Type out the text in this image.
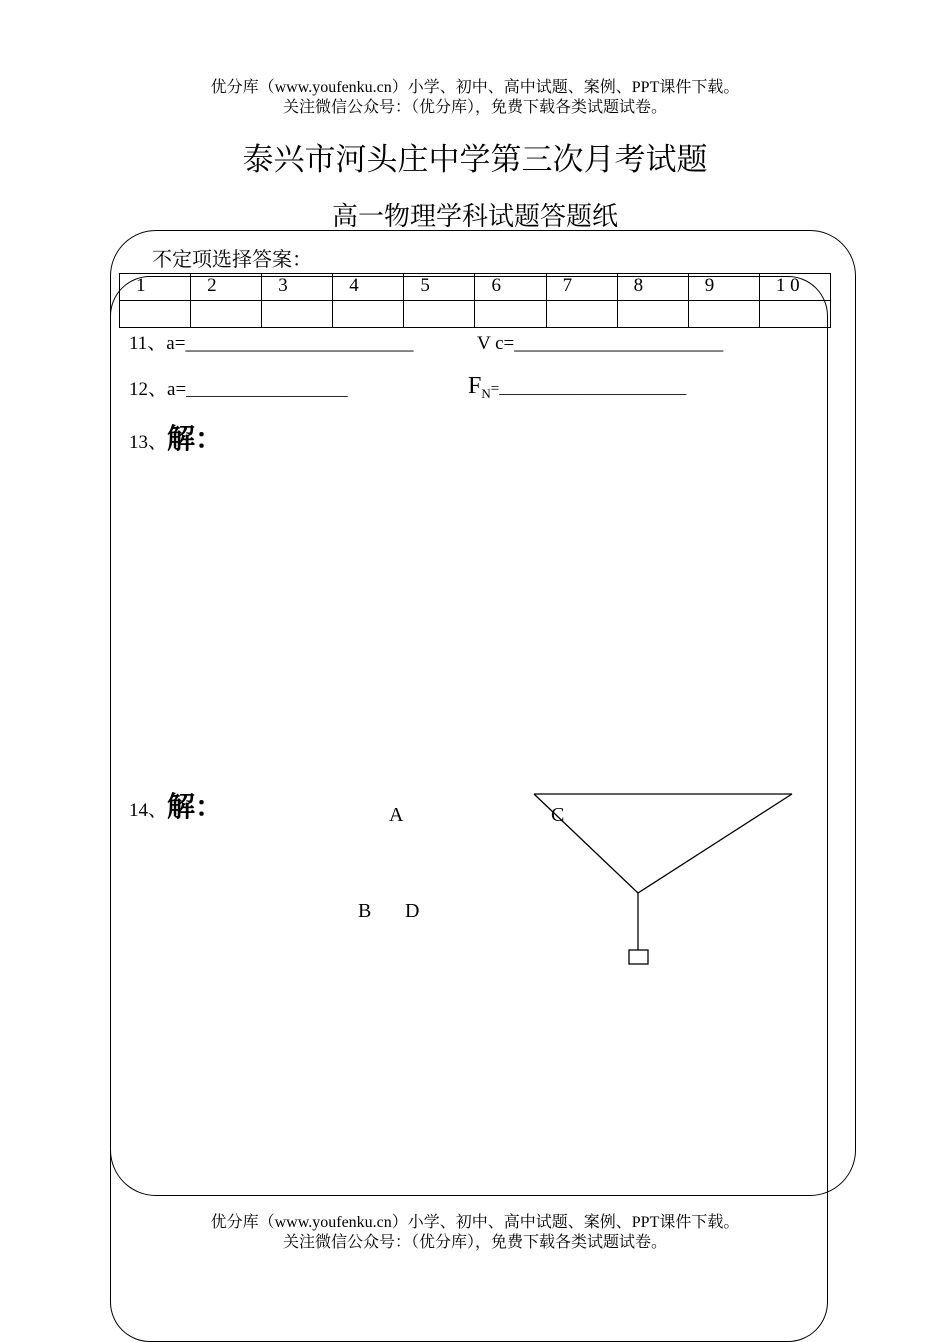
优分库（www.youfenku.cn）小学、初中、高中试题、案例、PPT课件下载。
关注微信公众号：（优分库），免费下载各类试题试卷。
泰兴市河头庄中学第三次月考试题
高一物理学科试题答题纸
不定项选择答案：
1	2	3	4	5	6	7	8	9	1 0

11、a=________________________	V c=______________________
12、a=___________________	$F_N=\_\_\_\_\_\_\_\_\_\_\_\_\_\_\_\_\_\_\_\_\_\_$
13、解：
14、解：	A	C
B D
优分库（www.youfenku.cn）小学、初中、高中试题、案例、PPT课件下载。
关注微信公众号：（优分库），免费下载各类试题试卷。
